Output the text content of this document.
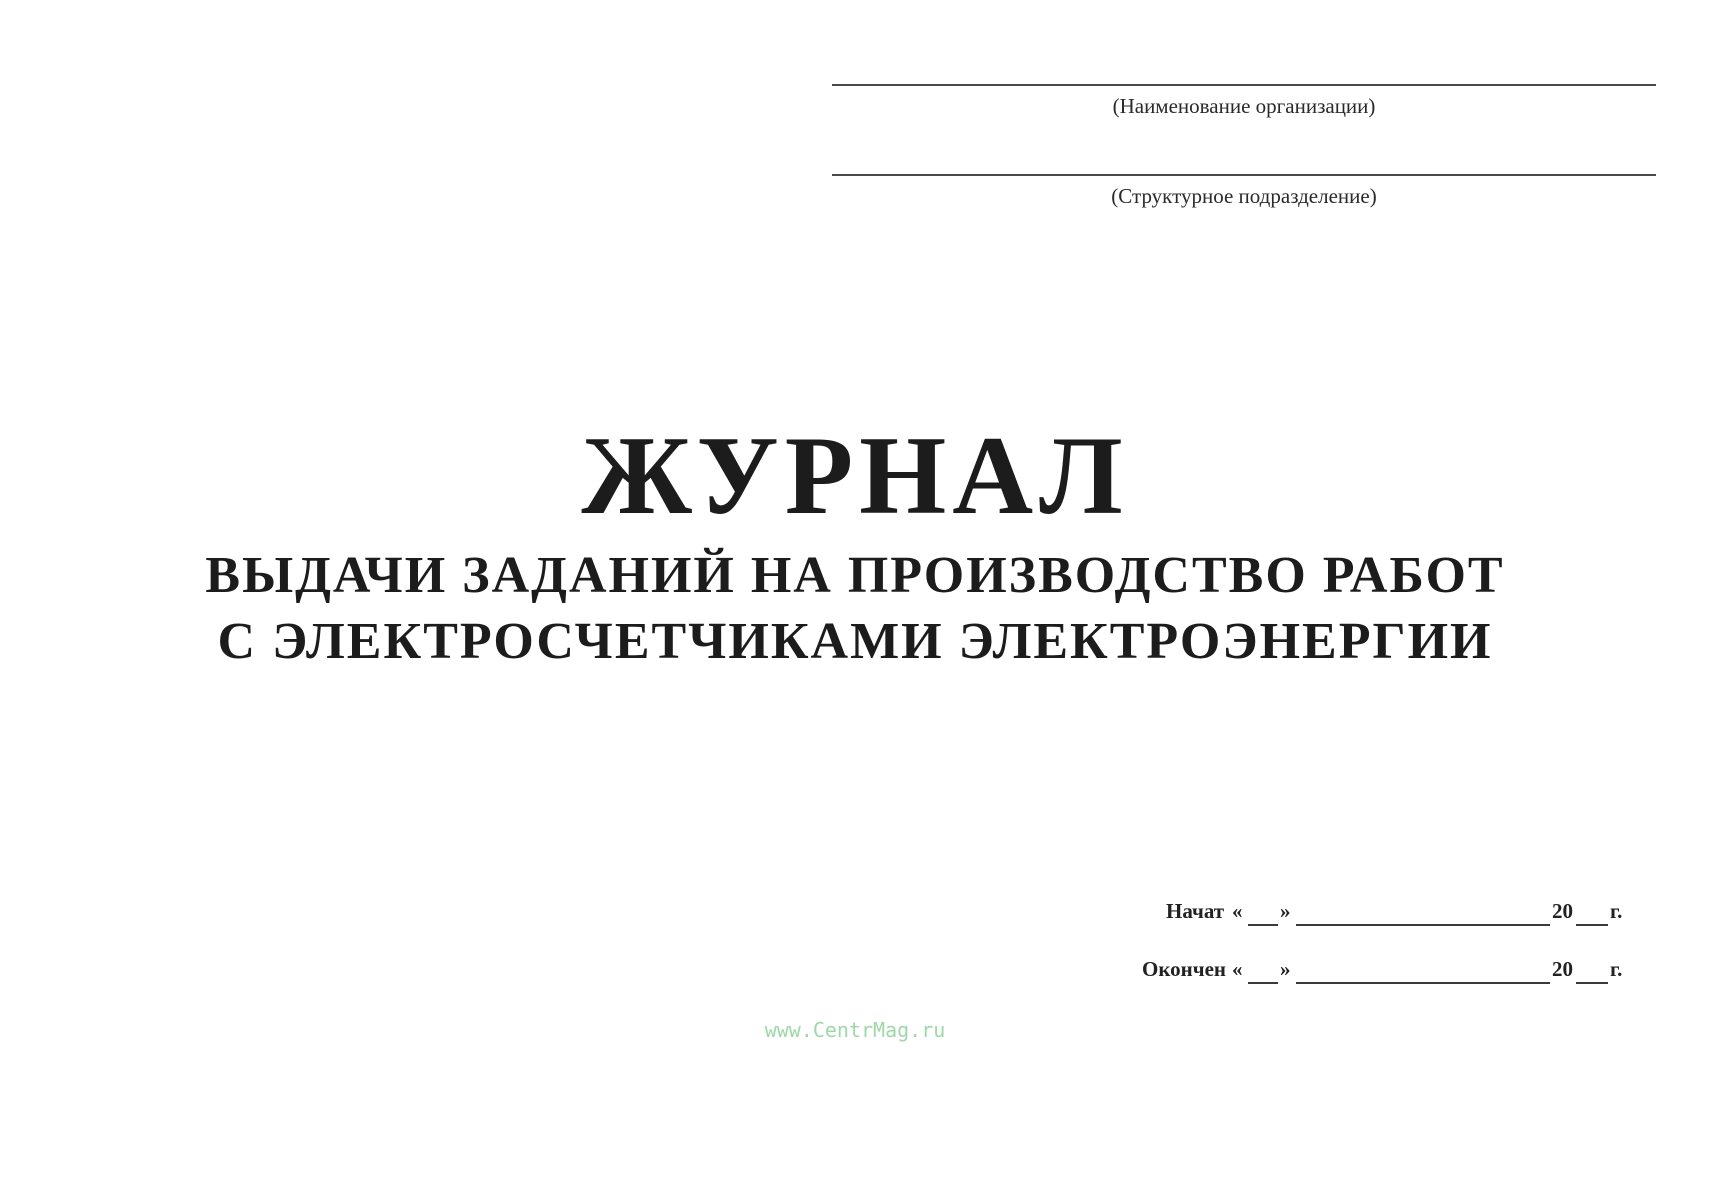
(Наименование организации)
(Структурное подразделение)
ЖУРНАЛ
ВЫДАЧИ ЗАДАНИЙ НА ПРОИЗВОДСТВО РАБОТ
С ЭЛЕКТРОСЧЕТЧИКАМИ ЭЛЕКТРОЭНЕРГИИ
Начат « »	20 г.
Окончен « »	20 г.
www.CentrMag.ru
